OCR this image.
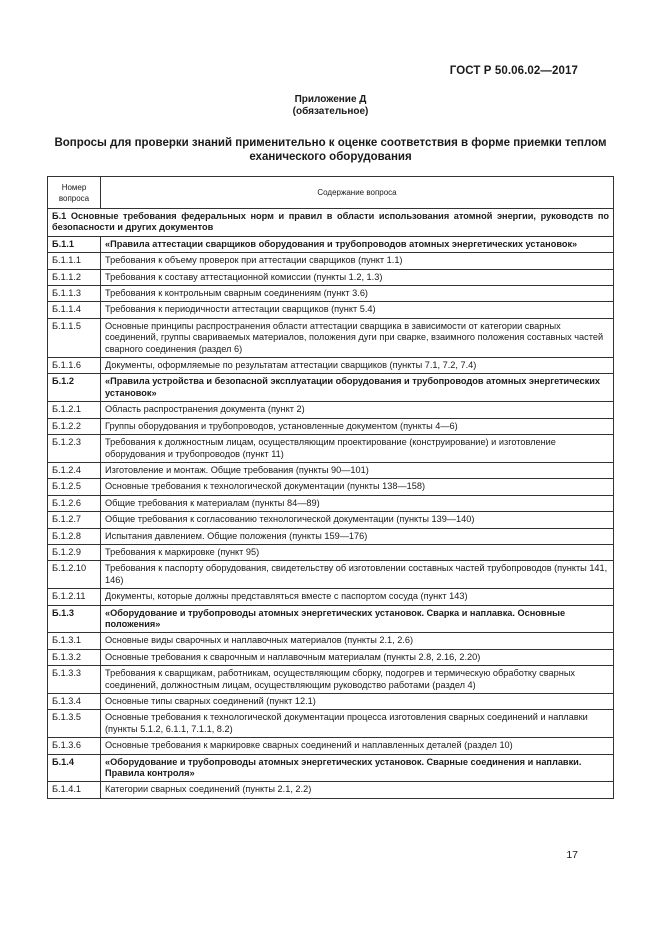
ГОСТ Р 50.06.02—2017
Приложение Д
(обязательное)
Вопросы для проверки знаний применительно к оценке соответствия в форме приемки теплом еханического оборудования
Номер вопроса	Содержание вопроса
Б.1 Основные требования федеральных норм и правил в области использования атомной энергии, руководств по безопасности и других документов	
Б.1.1	«Правила аттестации сварщиков оборудования и трубопроводов атомных энергетических установок»
Б.1.1.1	Требования к объему проверок при аттестации сварщиков (пункт 1.1)
Б.1.1.2	Требования к составу аттестационной комиссии (пункты 1.2, 1.3)
Б.1.1.3	Требования к контрольным сварным соединениям (пункт 3.6)
Б.1.1.4	Требования к периодичности аттестации сварщиков (пункт 5.4)
Б.1.1.5	Основные принципы распространения области аттестации сварщика в зависимости от категории сварных соединений, группы свариваемых материалов, положения дуги при сварке, взаимного положения составных частей сварного соединения (раздел 6)
Б.1.1.6	Документы, оформляемые по результатам аттестации сварщиков (пункты 7.1, 7.2, 7.4)
Б.1.2	«Правила устройства и безопасной эксплуатации оборудования и трубопроводов атомных энергетических установок»
Б.1.2.1	Область распространения документа (пункт 2)
Б.1.2.2	Группы оборудования и трубопроводов, установленные документом (пункты 4—6)
Б.1.2.3	Требования к должностным лицам, осуществляющим проектирование (конструирование) и изготовление оборудования и трубопроводов (пункт 11)
Б.1.2.4	Изготовление и монтаж. Общие требования (пункты 90—101)
Б.1.2.5	Основные требования к технологической документации (пункты 138—158)
Б.1.2.6	Общие требования к материалам (пункты 84—89)
Б.1.2.7	Общие требования к согласованию технологической документации (пункты 139—140)
Б.1.2.8	Испытания давлением. Общие положения (пункты 159—176)
Б.1.2.9	Требования к маркировке (пункт 95)
Б.1.2.10	Требования к паспорту оборудования, свидетельству об изготовлении составных частей трубопроводов (пункты 141, 146)
Б.1.2.11	Документы, которые должны представляться вместе с паспортом сосуда (пункт 143)
Б.1.3	«Оборудование и трубопроводы атомных энергетических установок. Сварка и наплавка. Основные положения»
Б.1.3.1	Основные виды сварочных и наплавочных материалов (пункты 2.1, 2.6)
Б.1.3.2	Основные требования к сварочным и наплавочным материалам (пункты 2.8, 2.16, 2.20)
Б.1.3.3	Требования к сварщикам, работникам, осуществляющим сборку, подогрев и термическую обработку сварных соединений, должностным лицам, осуществляющим руководство работами (раздел 4)
Б.1.3.4	Основные типы сварных соединений (пункт 12.1)
Б.1.3.5	Основные требования к технологической документации процесса изготовления сварных соединений и наплавки (пункты 5.1.2, 6.1.1, 7.1.1, 8.2)
Б.1.3.6	Основные требования к маркировке сварных соединений и наплавленных деталей (раздел 10)
Б.1.4	«Оборудование и трубопроводы атомных энергетических установок. Сварные соединения и наплавки. Правила контроля»
Б.1.4.1	Категории сварных соединений (пункты 2.1, 2.2)
17
